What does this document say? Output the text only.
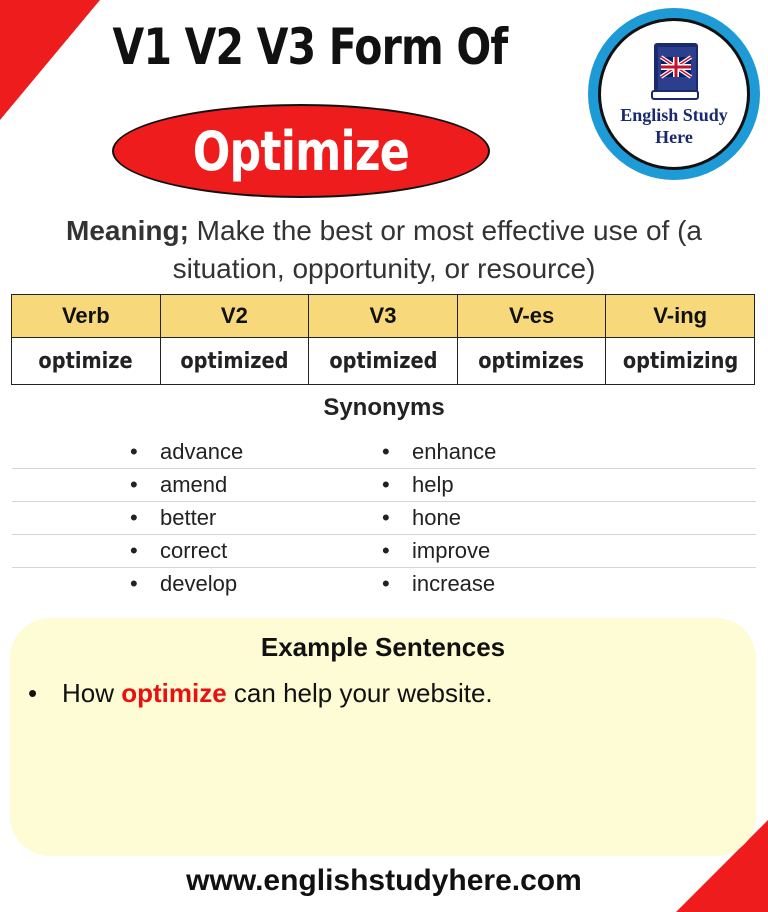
V1 V2 V3 Form Of
Optimize
English Study
Here
Meaning; Make the best or most effective use of (a situation, opportunity, or resource)
Verb	V2	V3	V-es	V-ing
optimize	optimized	optimized	optimizes	optimizing
Synonyms
• advance	• enhance
• amend	• help
• better	• hone
• correct	• improve
• develop	• increase
Example Sentences
• How optimize can help your website.
www.englishstudyhere.com
